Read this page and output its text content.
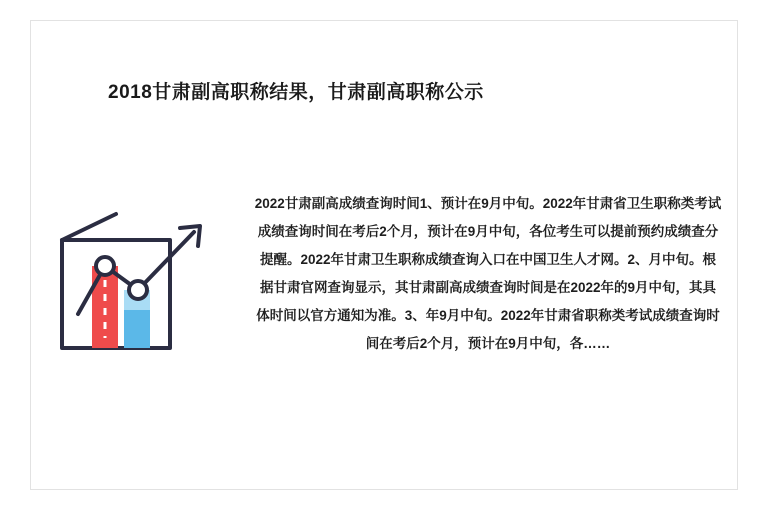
2018甘肃副高职称结果，甘肃副高职称公示
2022甘肃副高成绩查询时间1、预计在9月中旬。2022年甘肃省卫生职称类考试成绩查询时间在考后2个月，预计在9月中旬，各位考生可以提前预约成绩查分提醒。2022年甘肃卫生职称成绩查询入口在中国卫生人才网。2、月中旬。根据甘肃官网查询显示，其甘肃副高成绩查询时间是在2022年的9月中旬，其具体时间以官方通知为准。3、年9月中旬。2022年甘肃省职称类考试成绩查询时间在考后2个月，预计在9月中旬，各……
